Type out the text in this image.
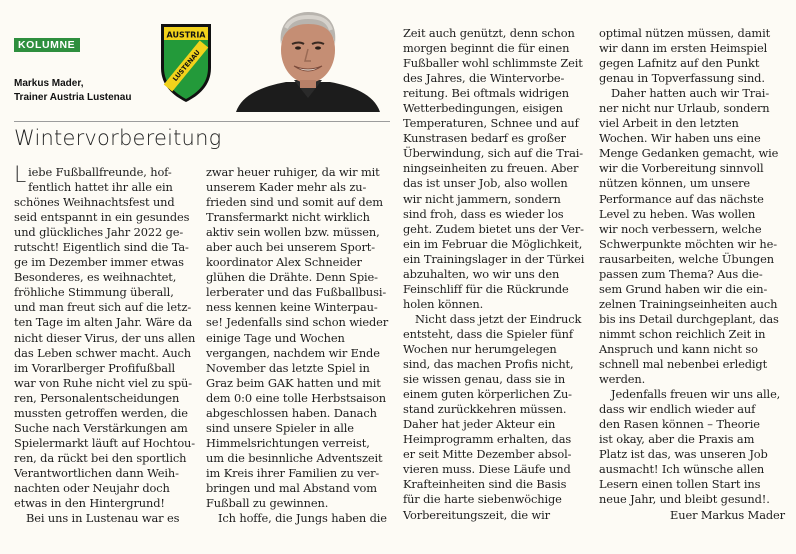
KOLUMNE
Markus Mader,
Trainer Austria Lustenau
AUSTRIA
LUSTENAU
Wintervorbereitung
Liebe Fußballfreunde, hof-
fentlich hattet ihr alle ein
schönes Weihnachtsfest und
seid entspannt in ein gesundes
und glückliches Jahr 2022 ge-
rutscht! Eigentlich sind die Ta-
ge im Dezember immer etwas
Besonderes, es weihnachtet,
fröhliche Stimmung überall,
und man freut sich auf die letz-
ten Tage im alten Jahr. Wäre da
nicht dieser Virus, der uns allen
das Leben schwer macht. Auch
im Vorarlberger Profifußball
war von Ruhe nicht viel zu spü-
ren, Personalentscheidungen
mussten getroffen werden, die
Suche nach Verstärkungen am
Spielermarkt läuft auf Hochtou-
ren, da rückt bei den sportlich
Verantwortlichen dann Weih-
nachten oder Neujahr doch
etwas in den Hintergrund!
Bei uns in Lustenau war es
zwar heuer ruhiger, da wir mit
unserem Kader mehr als zu-
frieden sind und somit auf dem
Transfermarkt nicht wirklich
aktiv sein wollen bzw. müssen,
aber auch bei unserem Sport-
koordinator Alex Schneider
glühen die Drähte. Denn Spie-
lerberater und das Fußballbusi-
ness kennen keine Winterpau-
se! Jedenfalls sind schon wieder
einige Tage und Wochen
vergangen, nachdem wir Ende
November das letzte Spiel in
Graz beim GAK hatten und mit
dem 0:0 eine tolle Herbstsaison
abgeschlossen haben. Danach
sind unsere Spieler in alle
Himmelsrichtungen verreist,
um die besinnliche Adventszeit
im Kreis ihrer Familien zu ver-
bringen und mal Abstand vom
Fußball zu gewinnen.
Ich hoffe, die Jungs haben die
Zeit auch genützt, denn schon
morgen beginnt die für einen
Fußballer wohl schlimmste Zeit
des Jahres, die Wintervorbe-
reitung. Bei oftmals widrigen
Wetterbedingungen, eisigen
Temperaturen, Schnee und auf
Kunstrasen bedarf es großer
Überwindung, sich auf die Trai-
ningseinheiten zu freuen. Aber
das ist unser Job, also wollen
wir nicht jammern, sondern
sind froh, dass es wieder los
geht. Zudem bietet uns der Ver-
ein im Februar die Möglichkeit,
ein Trainingslager in der Türkei
abzuhalten, wo wir uns den
Feinschliff für die Rückrunde
holen können.
Nicht dass jetzt der Eindruck
entsteht, dass die Spieler fünf
Wochen nur herumgelegen
sind, das machen Profis nicht,
sie wissen genau, dass sie in
einem guten körperlichen Zu-
stand zurückkehren müssen.
Daher hat jeder Akteur ein
Heimprogramm erhalten, das
er seit Mitte Dezember absol-
vieren muss. Diese Läufe und
Krafteinheiten sind die Basis
für die harte siebenwöchige
Vorbereitungszeit, die wir
optimal nützen müssen, damit
wir dann im ersten Heimspiel
gegen Lafnitz auf den Punkt
genau in Topverfassung sind.
Daher hatten auch wir Trai-
ner nicht nur Urlaub, sondern
viel Arbeit in den letzten
Wochen. Wir haben uns eine
Menge Gedanken gemacht, wie
wir die Vorbereitung sinnvoll
nützen können, um unsere
Performance auf das nächste
Level zu heben. Was wollen
wir noch verbessern, welche
Schwerpunkte möchten wir he-
rausarbeiten, welche Übungen
passen zum Thema? Aus die-
sem Grund haben wir die ein-
zelnen Trainingseinheiten auch
bis ins Detail durchgeplant, das
nimmt schon reichlich Zeit in
Anspruch und kann nicht so
schnell mal nebenbei erledigt
werden.
Jedenfalls freuen wir uns alle,
dass wir endlich wieder auf
den Rasen können – Theorie
ist okay, aber die Praxis am
Platz ist das, was unseren Job
ausmacht! Ich wünsche allen
Lesern einen tollen Start ins
neue Jahr, und bleibt gesund!.
Euer Markus Mader
